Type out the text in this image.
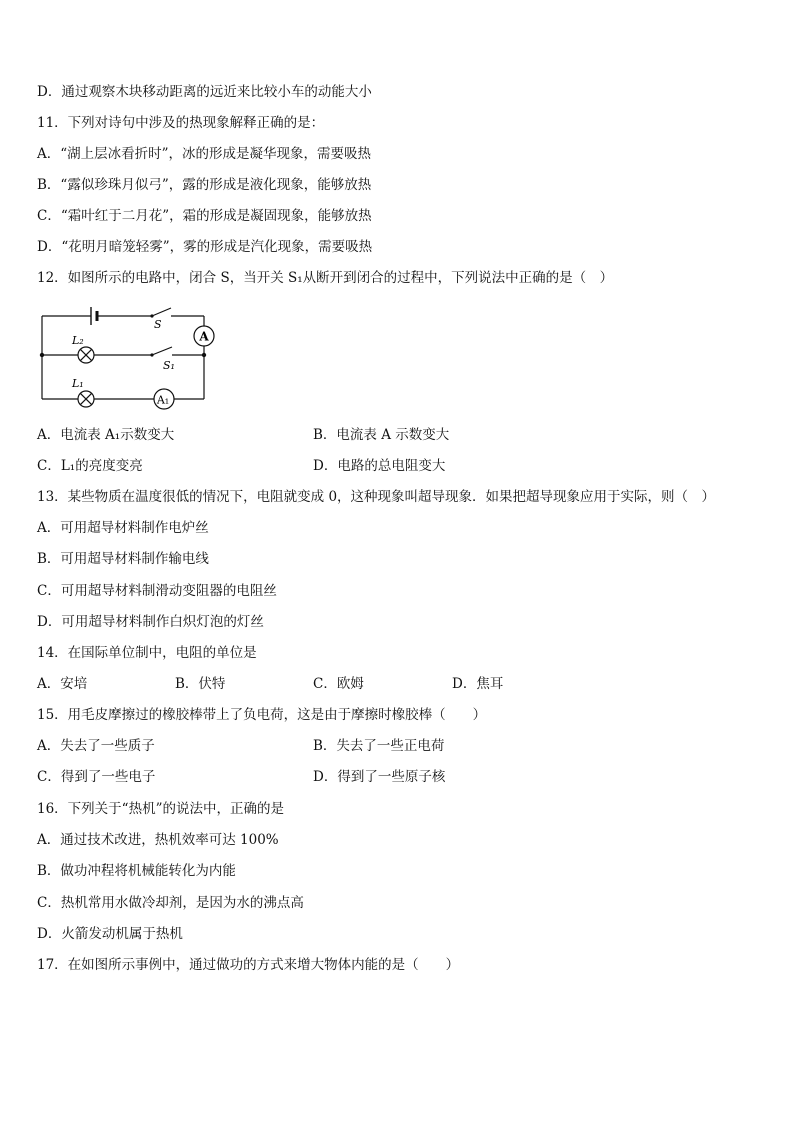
D．通过观察木块移动距离的远近来比较小车的动能大小
11．下列对诗句中涉及的热现象解释正确的是：
A．“湖上层冰看折时”，冰的形成是凝华现象，需要吸热
B．“露似珍珠月似弓”，露的形成是液化现象，能够放热
C．“霜叶红于二月花”，霜的形成是凝固现象，能够放热
D．“花明月暗笼轻雾”，雾的形成是汽化现象，需要吸热
12．如图所示的电路中，闭合 S，当开关 S₁从断开到闭合的过程中，下列说法中正确的是（　）
A
A₁
S
S₁
L₂
L₁
A．电流表 A₁示数变大	B．电流表 A 示数变大
C．L₁的亮度变亮	D．电路的总电阻变大
13．某些物质在温度很低的情况下，电阻就变成 0，这种现象叫超导现象．如果把超导现象应用于实际，则（　）
A．可用超导材料制作电炉丝
B．可用超导材料制作输电线
C．可用超导材料制滑动变阻器的电阻丝
D．可用超导材料制作白炽灯泡的灯丝
14．在国际单位制中，电阻的单位是
A．安培	B．伏特	C．欧姆	D．焦耳
15．用毛皮摩擦过的橡胶棒带上了负电荷，这是由于摩擦时橡胶棒（　　）
A．失去了一些质子	B．失去了一些正电荷
C．得到了一些电子	D．得到了一些原子核
16．下列关于“热机”的说法中，正确的是
A．通过技术改进，热机效率可达 100%
B．做功冲程将机械能转化为内能
C．热机常用水做冷却剂，是因为水的沸点高
D．火箭发动机属于热机
17．在如图所示事例中，通过做功的方式来增大物体内能的是（　　）
